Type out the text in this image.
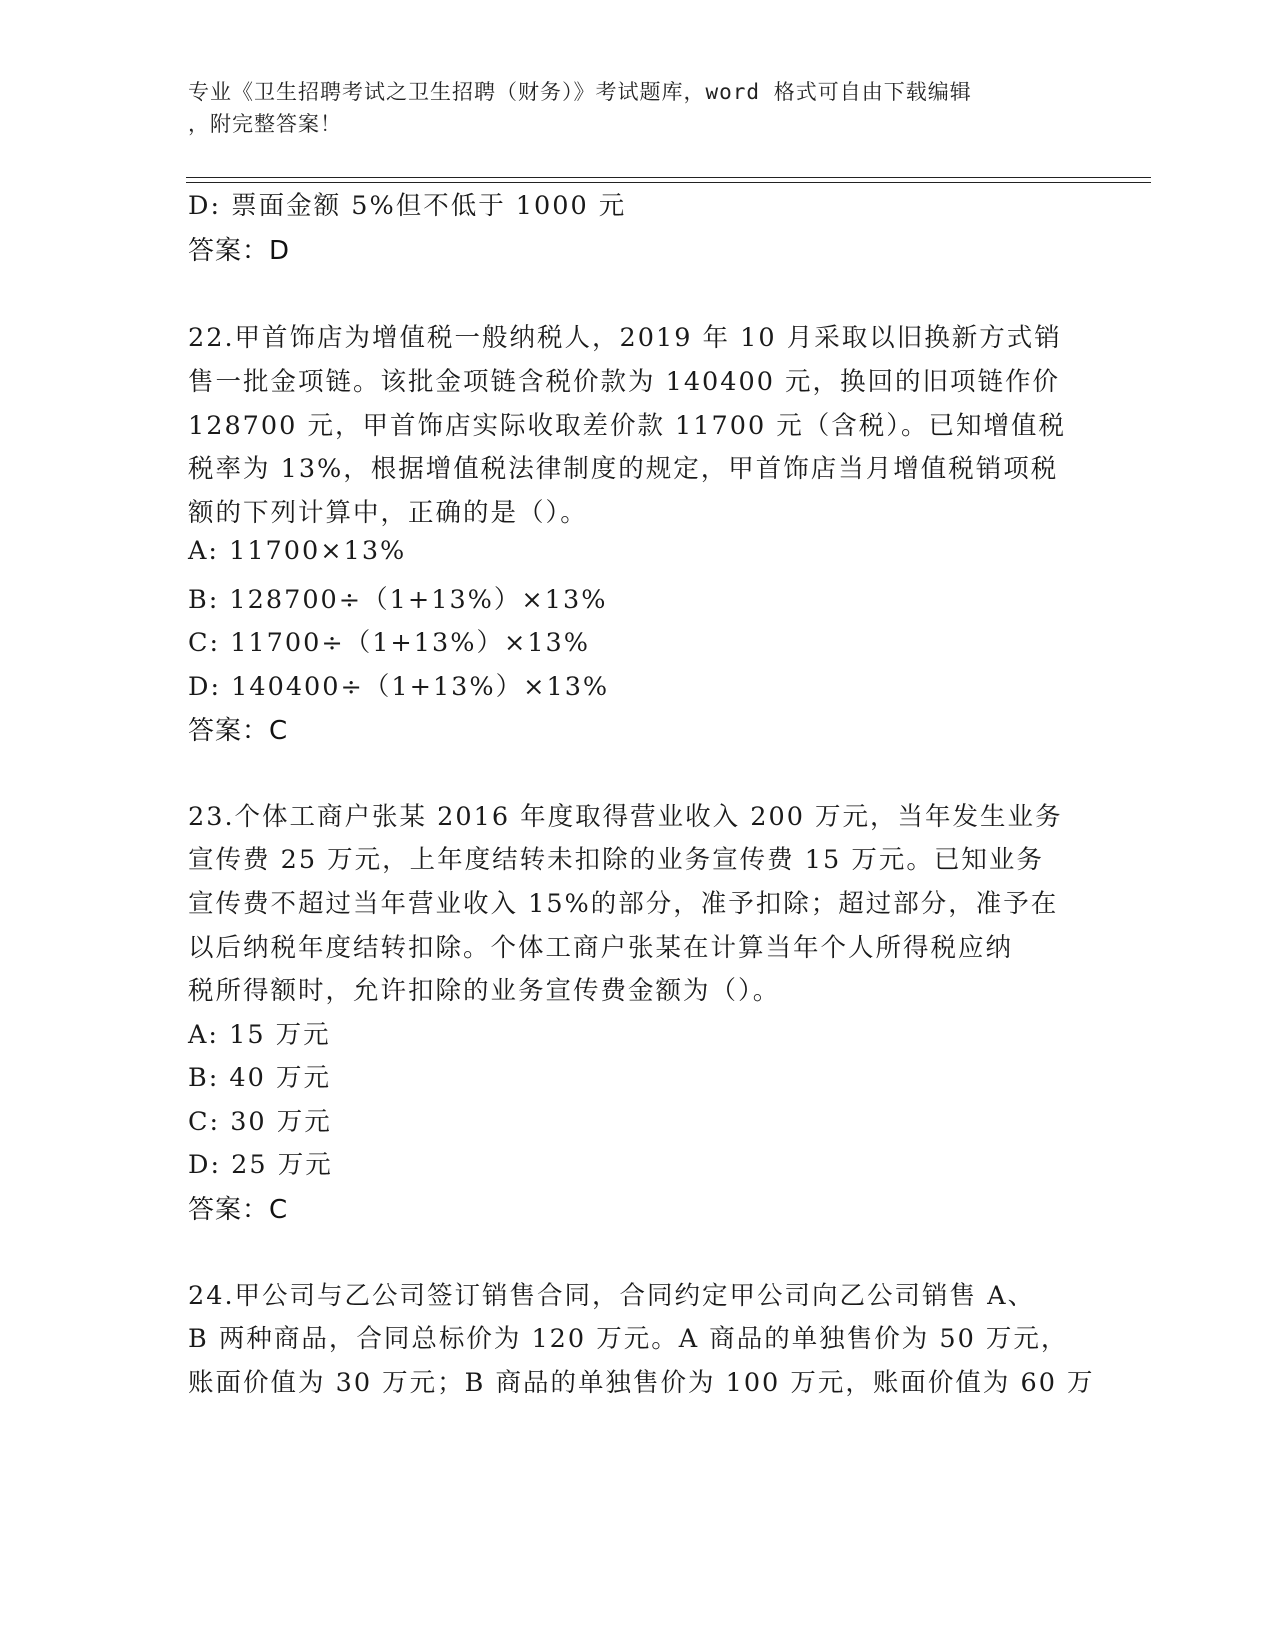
专业《卫生招聘考试之卫生招聘（财务）》考试题库，word 格式可自由下载编辑
，附完整答案！
D: 票面金额 5%但不低于 1000 元
答案：D
22.甲首饰店为增值税一般纳税人，2019 年 10 月采取以旧换新方式销
售一批金项链。该批金项链含税价款为 140400 元，换回的旧项链作价
128700 元，甲首饰店实际收取差价款 11700 元（含税）。已知增值税
税率为 13%，根据增值税法律制度的规定，甲首饰店当月增值税销项税
额的下列计算中，正确的是（）。
A: 11700×13%
B: 128700÷（1+13%）×13%
C: 11700÷（1+13%）×13%
D: 140400÷（1+13%）×13%
答案：C
23.个体工商户张某 2016 年度取得营业收入 200 万元，当年发生业务
宣传费 25 万元，上年度结转未扣除的业务宣传费 15 万元。已知业务
宣传费不超过当年营业收入 15%的部分，准予扣除；超过部分，准予在
以后纳税年度结转扣除。个体工商户张某在计算当年个人所得税应纳
税所得额时，允许扣除的业务宣传费金额为（）。
A: 15 万元
B: 40 万元
C: 30 万元
D: 25 万元
答案：C
24.甲公司与乙公司签订销售合同，合同约定甲公司向乙公司销售 A、
B 两种商品，合同总标价为 120 万元。A 商品的单独售价为 50 万元，
账面价值为 30 万元；B 商品的单独售价为 100 万元，账面价值为 60 万
